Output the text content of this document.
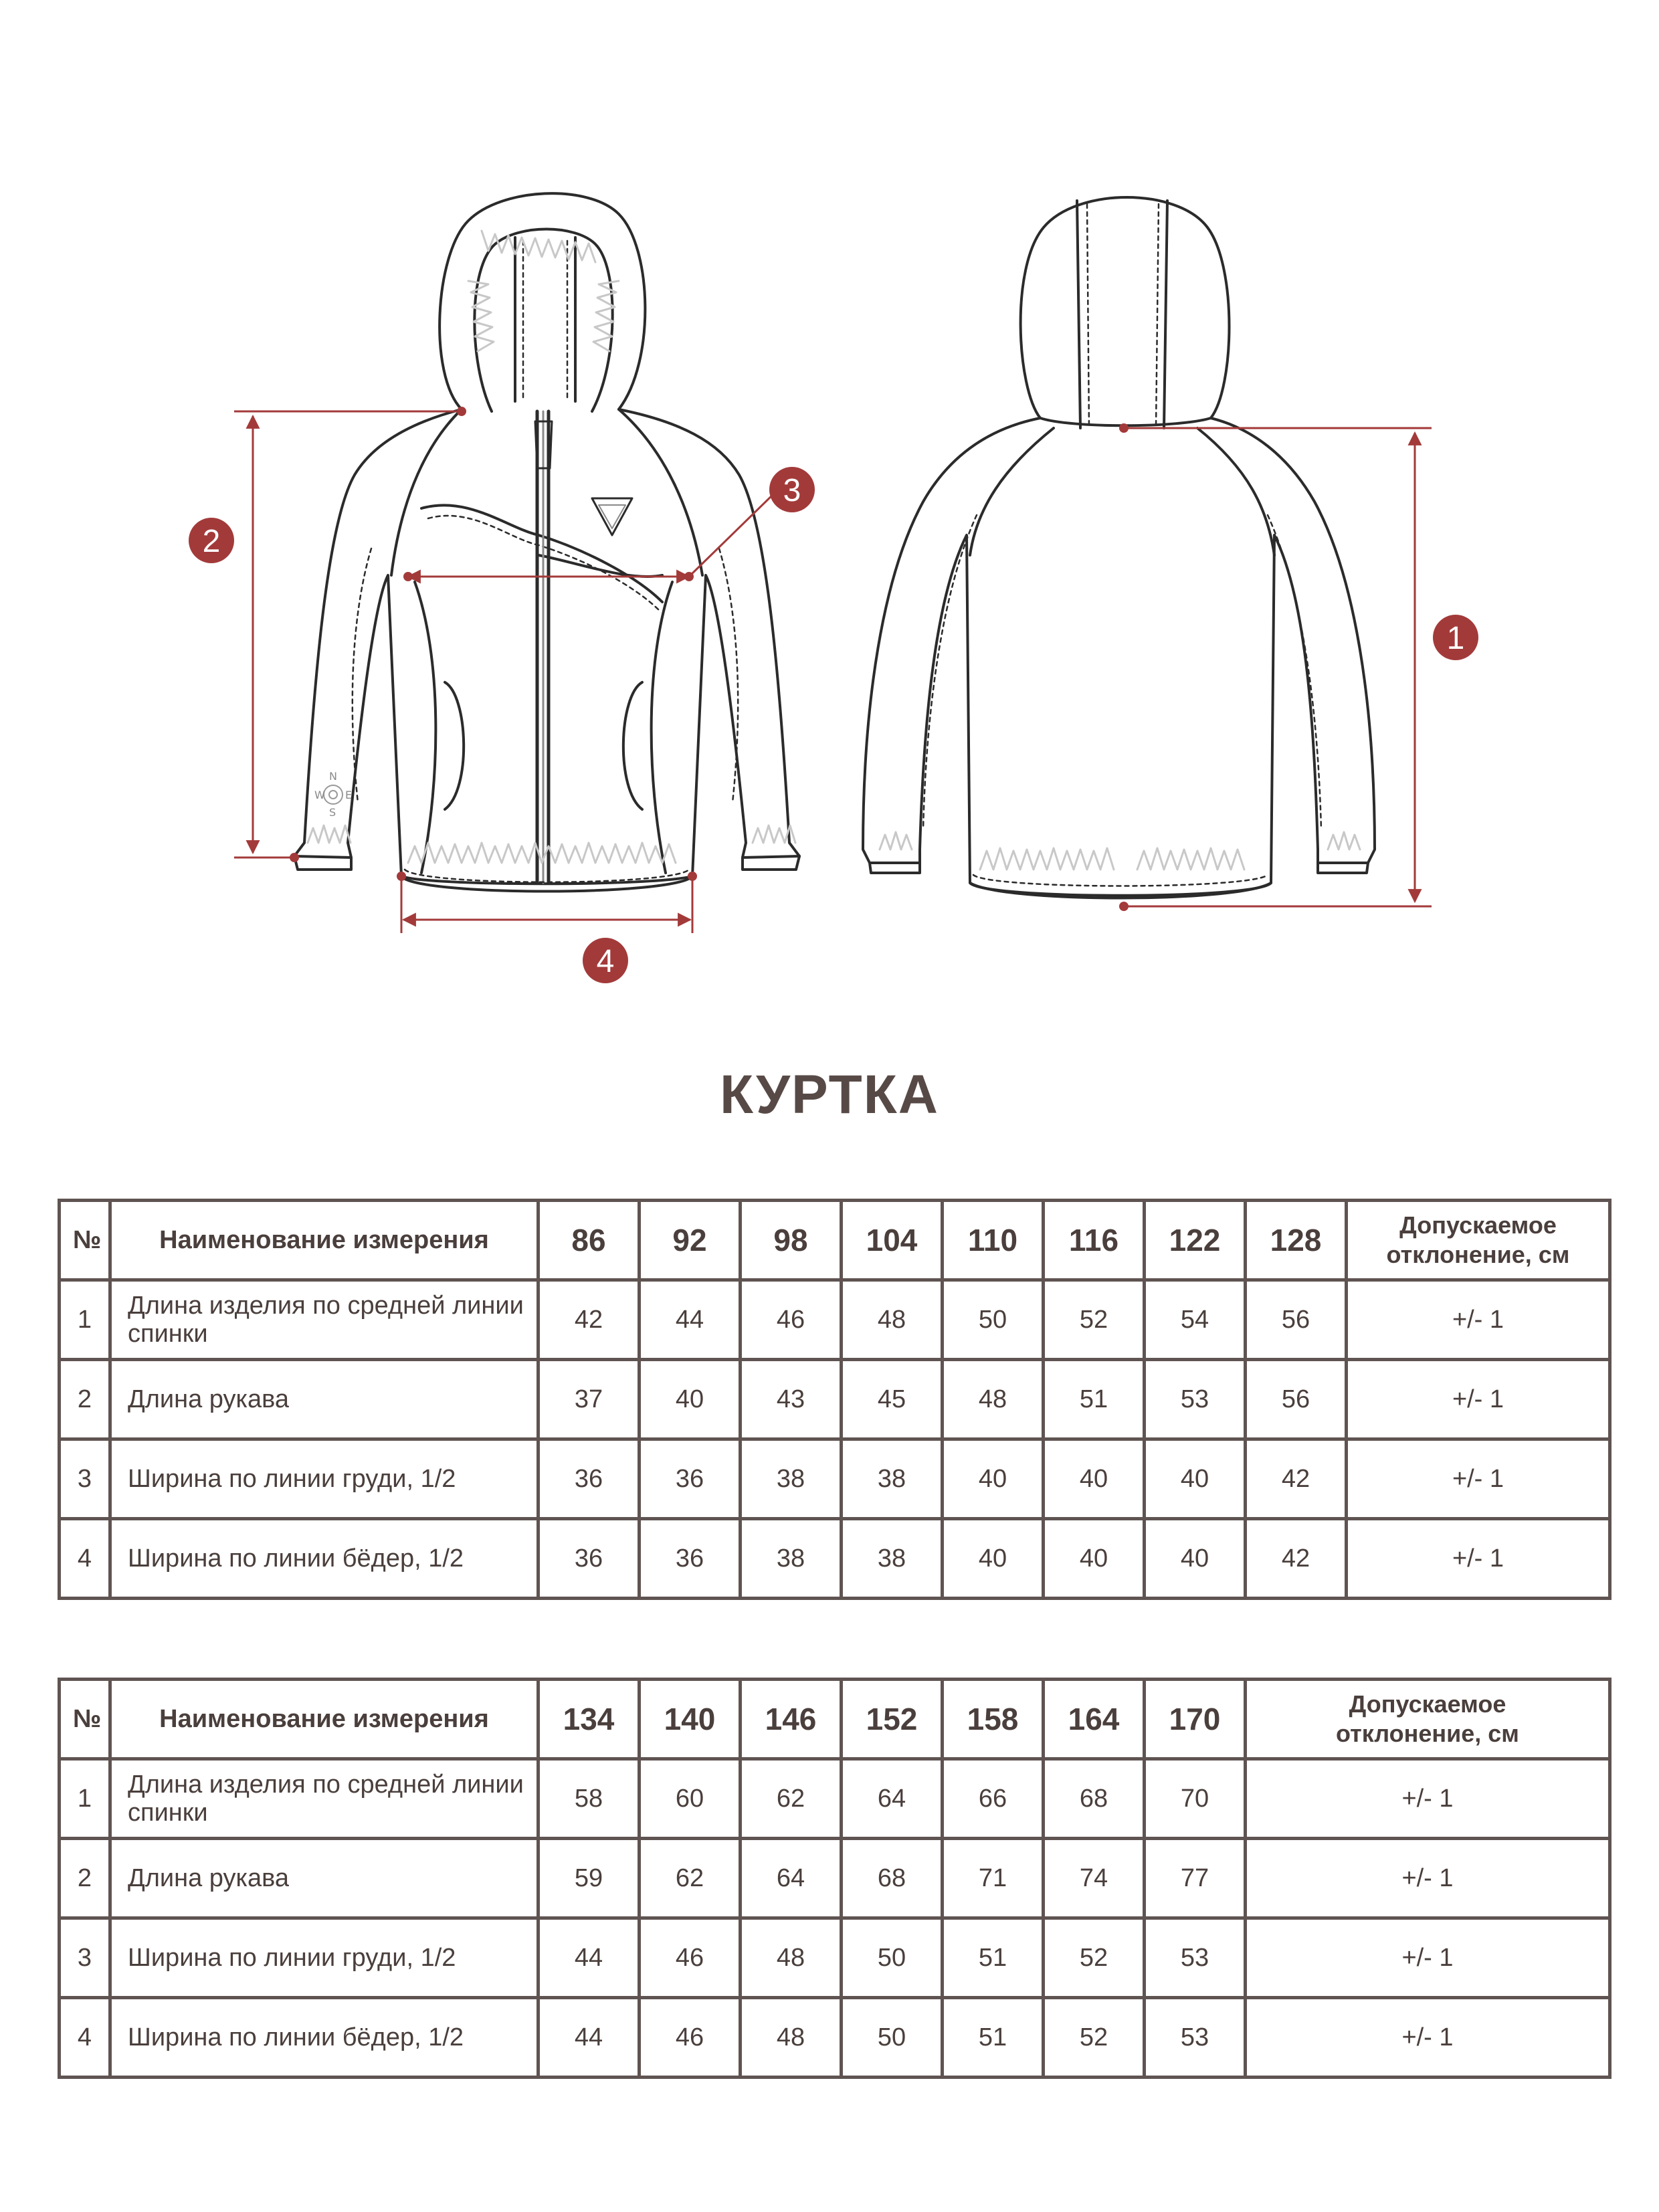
N
W E
S
2
3
4
1
КУРТКА
№	Наименование измерения	86	92	98	104	110	116	122	128	Допускаемое
отклонение, см
1	Длина изделия по средней линии спинки	42	44	46	48	50	52	54	56	+/- 1
2	Длина рукава	37	40	43	45	48	51	53	56	+/- 1
3	Ширина по линии груди, 1/2	36	36	38	38	40	40	40	42	+/- 1
4	Ширина по линии бёдер, 1/2	36	36	38	38	40	40	40	42	+/- 1
№	Наименование измерения	134	140	146	152	158	164	170	Допускаемое
отклонение, см
1	Длина изделия по средней линии спинки	58	60	62	64	66	68	70	+/- 1
2	Длина рукава	59	62	64	68	71	74	77	+/- 1
3	Ширина по линии груди, 1/2	44	46	48	50	51	52	53	+/- 1
4	Ширина по линии бёдер, 1/2	44	46	48	50	51	52	53	+/- 1
